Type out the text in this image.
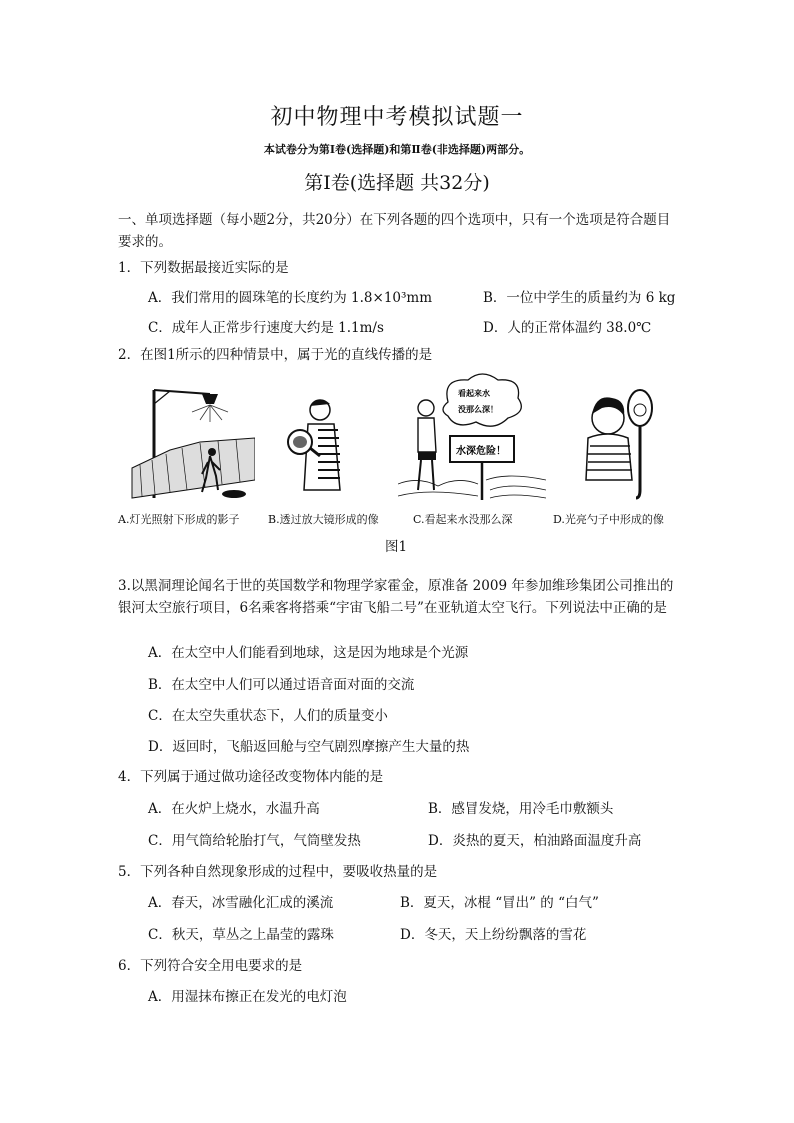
初中物理中考模拟试题一
本试卷分为第Ⅰ卷(选择题)和第Ⅱ卷(非选择题)两部分。
第Ⅰ卷(选择题 共32分)
一、单项选择题（每小题2分，共20分）在下列各题的四个选项中，只有一个选项是符合题目要求的。
1．下列数据最接近实际的是
A．我们常用的圆珠笔的长度约为 1.8×10³mm	B．一位中学生的质量约为 6 kg
C．成年人正常步行速度大约是 1.1m/s	D．人的正常体温约 38.0℃
2．在图1所示的四种情景中，属于光的直线传播的是
A.灯光照射下形成的影子	B.透过放大镜形成的像
看起来水
没那么深！
水深危险！
C.看起来水没那么深	D.光亮勺子中形成的像
图1
3.以黑洞理论闻名于世的英国数学和物理学家霍金，原准备 2009 年参加维珍集团公司推出的银河太空旅行项目，6名乘客将搭乘“宇宙飞船二号”在亚轨道太空飞行。下列说法中正确的是
A．在太空中人们能看到地球，这是因为地球是个光源
B．在太空中人们可以通过语音面对面的交流
C．在太空失重状态下，人们的质量变小
D．返回时，飞船返回舱与空气剧烈摩擦产生大量的热
4．下列属于通过做功途径改变物体内能的是
A．在火炉上烧水，水温升高	B．感冒发烧，用冷毛巾敷额头
C．用气筒给轮胎打气，气筒壁发热	D．炎热的夏天，柏油路面温度升高
5．下列各种自然现象形成的过程中，要吸收热量的是
A．春天，冰雪融化汇成的溪流	B．夏天，冰棍 “冒出” 的 “白气”
C．秋天，草丛之上晶莹的露珠	D．冬天，天上纷纷飘落的雪花
6．下列符合安全用电要求的是
A．用湿抹布擦正在发光的电灯泡
